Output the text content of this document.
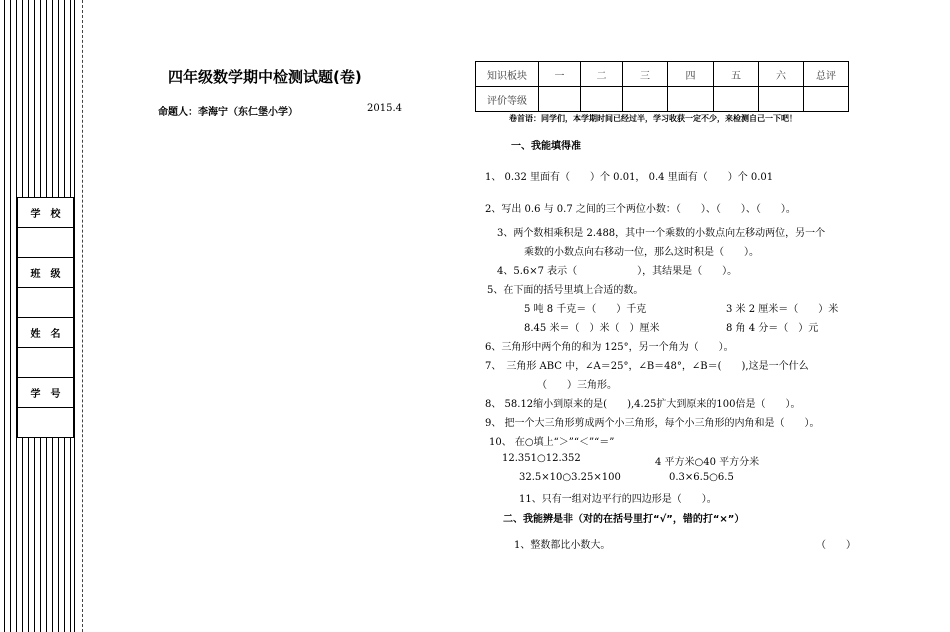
学　校

班　级

姓　名

学　号

四年级数学期中检测试题(卷)
命题人：李海宁（东仁堡小学）	2015.4
知识板块	一	二	三	四	五	六	总评
评价等级							
卷首语：同学们，本学期时间已经过半，学习收获一定不少，来检测自己一下吧！
一、我能填得准
1、 0.32 里面有（　　）个 0.01， 0.4 里面有（　　）个 0.01
2、写出 0.6 与 0.7 之间的三个两位小数：（　　）、（　　）、（　　）。
3、两个数相乘积是 2.488，其中一个乘数的小数点向左移动两位，另一个
乘数的小数点向右移动一位，那么这时积是（　　）。
4、5.6×7 表示（　　　　　　），其结果是（　　）。
5、在下面的括号里填上合适的数。
5 吨 8 千克＝（　　）千克	3 米 2 厘米＝（　　）米
8.45 米＝（　）米（　）厘米	8 角 4 分＝（　）元
6、三角形中两个角的和为 125°，另一个角为（　　）。
7、　三角形 ABC 中，∠A＝25°，∠B＝48°，∠B＝(　　),这是一个什么
（　　）三角形。
8、 58.12缩小到原来的是(　　),4.25扩大到原来的100倍是（　　）。
9、 把一个大三角形剪成两个小三角形，每个小三角形的内角和是（　　）。
10、 在○填上“＞”“＜”“＝”
12.351○12.352	4 平方米○40 平方分米
32.5×10○3.25×100	0.3×6.5○6.5
11、只有一组对边平行的四边形是（　　）。
二、我能辨是非（对的在括号里打“√”，错的打“×”）
1、整数都比小数大。	（　　）
